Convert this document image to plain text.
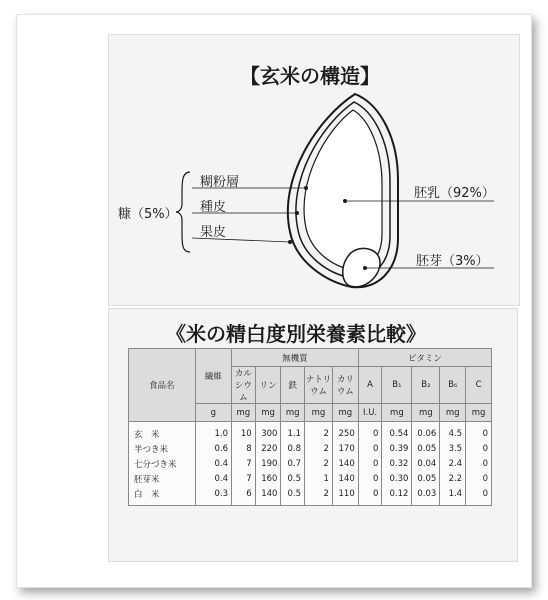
【玄米の構造】
糠（5%）
糊粉層
種皮
果皮
胚乳（92%）
胚芽（3%）
《米の精白度別栄養素比較》
食品名	繊維	無機質					ビタミン				
		カルシウム	リン	鉄	ナトリウム	カリウム	A	B₁	B₂	B₆	C
	g	mg	mg	mg	mg	mg	I.U.	mg	mg	mg	mg
玄　米	1.0	10	300	1.1	2	250	0	0.54	0.06	4.5	0
半つき米	0.6	8	220	0.8	2	170	0	0.39	0.05	3.5	0
七分づき米	0.4	7	190	0.7	2	140	0	0.32	0.04	2.4	0
胚芽米	0.4	7	160	0.5	1	140	0	0.30	0.05	2.2	0
白　米	0.3	6	140	0.5	2	110	0	0.12	0.03	1.4	0
